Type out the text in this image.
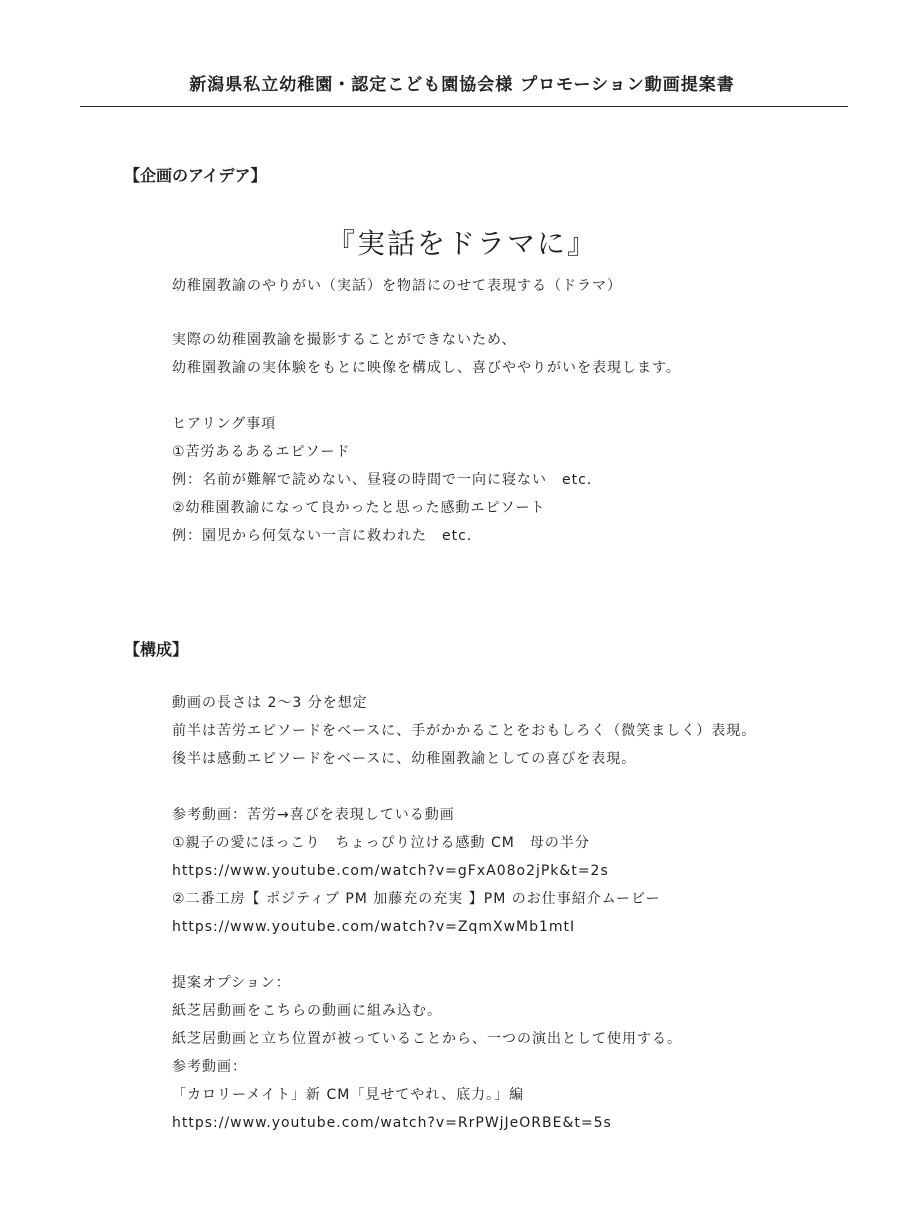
新潟県私立幼稚園・認定こども園協会様 プロモーション動画提案書
【企画のアイデア】
『実話をドラマに』
幼稚園教諭のやりがい（実話）を物語にのせて表現する（ドラマ）
実際の幼稚園教諭を撮影することができないため、
幼稚園教諭の実体験をもとに映像を構成し、喜びややりがいを表現します。
ヒアリング事項
①苦労あるあるエピソード
例：名前が難解で読めない、昼寝の時間で一向に寝ない　etc.
②幼稚園教諭になって良かったと思った感動エピソート
例：園児から何気ない一言に救われた　etc.
【構成】
動画の長さは 2〜3 分を想定
前半は苦労エピソードをベースに、手がかかることをおもしろく（微笑ましく）表現。
後半は感動エピソードをベースに、幼稚園教諭としての喜びを表現。
参考動画：苦労→喜びを表現している動画
①親子の愛にほっこり　ちょっぴり泣ける感動 CM　母の半分
https://www.youtube.com/watch?v=gFxA08o2jPk&t=2s
②二番工房【 ポジティブ PM 加藤充の充実 】PM のお仕事紹介ムービー
https://www.youtube.com/watch?v=ZqmXwMb1mtI
提案オプション：
紙芝居動画をこちらの動画に組み込む。
紙芝居動画と立ち位置が被っていることから、一つの演出として使用する。
参考動画：
「カロリーメイト」新 CM「見せてやれ、底力。」編
https://www.youtube.com/watch?v=RrPWjJeORBE&t=5s
